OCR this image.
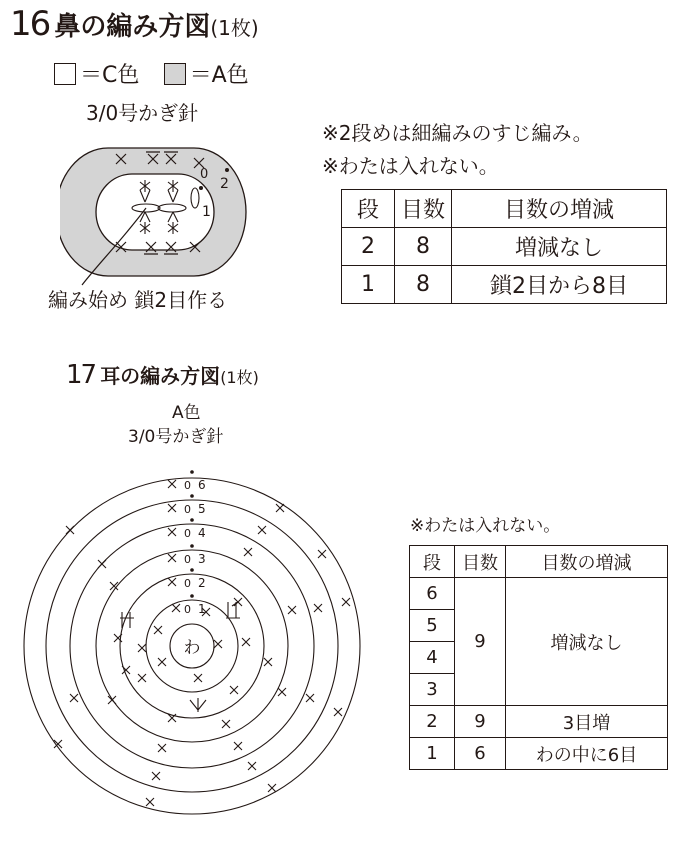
16 鼻の編み方図(1枚)
＝C色 ＝A色
3/0号かぎ針
※2段めは細編みのすじ編み。
※わたは入れない。
0
2
1
編み始め 鎖2目作る
段	目数	目数の増減
2	8	増減なし
1	8	鎖2目から8目
17 耳の編み方図(1枚)
A色
3/0号かぎ針
わ
0
0
0
0
0
0
6
5
4
3
2
1
※わたは入れない。
段	目数	目数の増減
6	9	増減なし
5		
4		
3		
2	9	3目増
1	6	わの中に6目
